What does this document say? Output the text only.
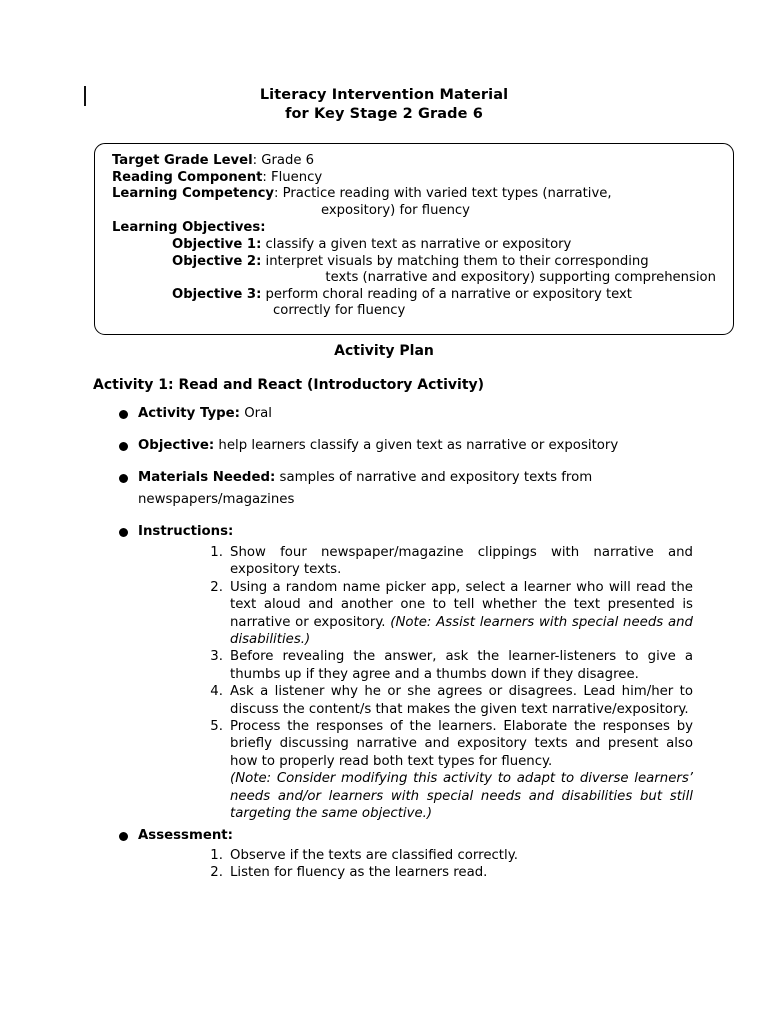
Literacy Intervention Material
for Key Stage 2 Grade 6
Target Grade Level: Grade 6
Reading Component: Fluency
Learning Competency: Practice reading with varied text types (narrative,
expository) for fluency
Learning Objectives:
Objective 1: classify a given text as narrative or expository
Objective 2: interpret visuals by matching them to their corresponding
texts (narrative and expository) supporting comprehension
Objective 3: perform choral reading of a narrative or expository text
correctly for fluency
Activity Plan
Activity 1: Read and React (Introductory Activity)
Activity Type: Oral
Objective: help learners classify a given text as narrative or expository
Materials Needed: samples of narrative and expository texts from newspapers/magazines
Instructions:
Show four newspaper/magazine clippings with narrative and expository texts.
Using a random name picker app, select a learner who will read the text aloud and another one to tell whether the text presented is narrative or expository. (Note: Assist learners with special needs and disabilities.)
Before revealing the answer, ask the learner-listeners to give a thumbs up if they agree and a thumbs down if they disagree.
Ask a listener why he or she agrees or disagrees. Lead him/her to discuss the content/s that makes the given text narrative/expository.
Process the responses of the learners. Elaborate the responses by briefly discussing narrative and expository texts and present also how to properly read both text types for fluency.
(Note: Consider modifying this activity to adapt to diverse learners’ needs and/or learners with special needs and disabilities but still targeting the same objective.)
Assessment:
Observe if the texts are classified correctly.
Listen for fluency as the learners read.
